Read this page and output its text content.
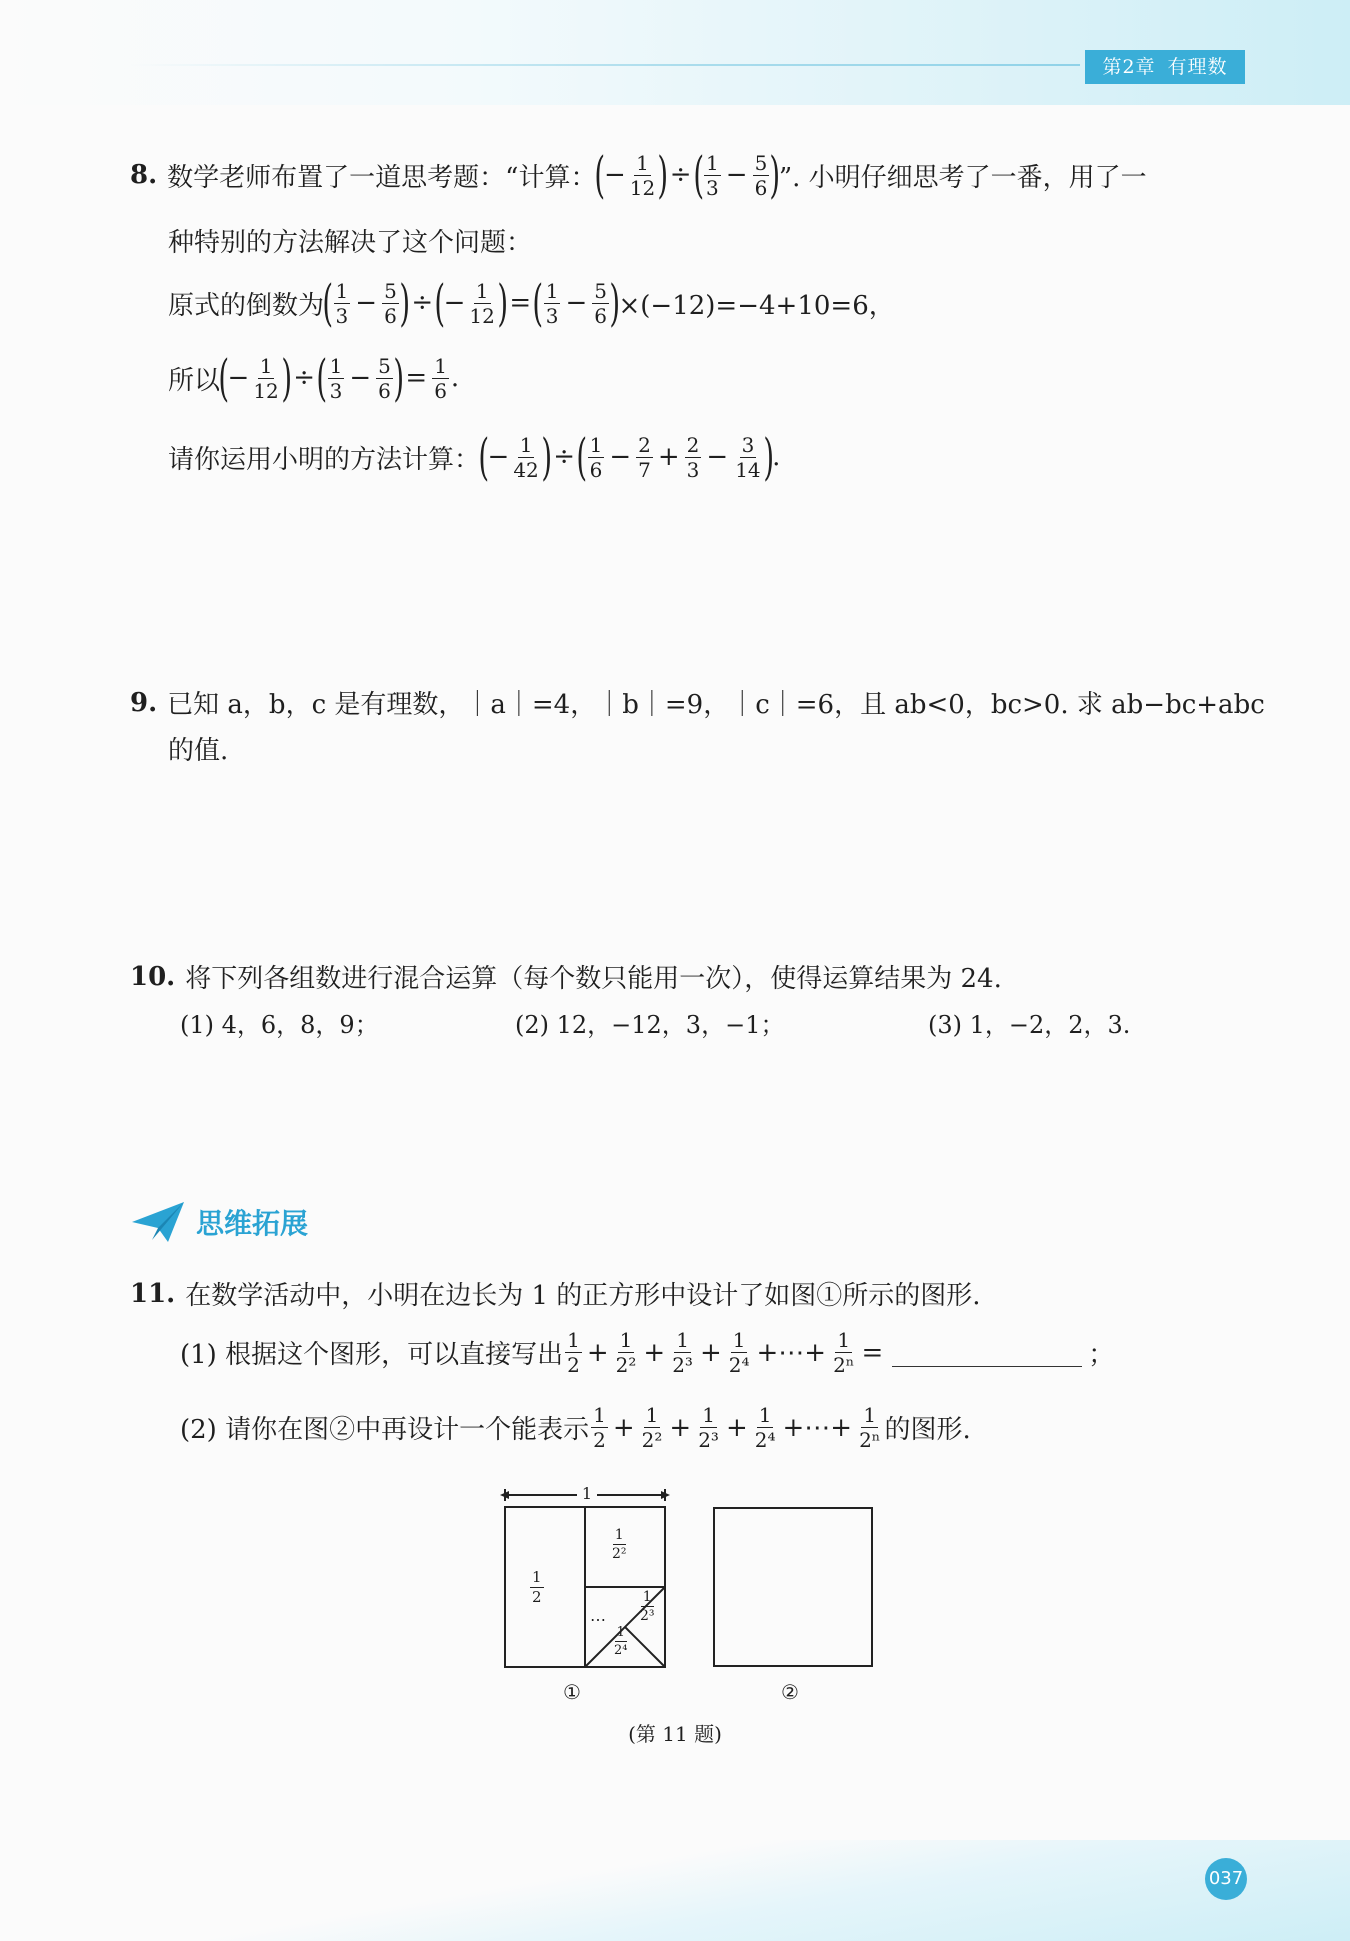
第2章 有理数
037
8. 数学老师布置了一道思考题：“计算：
(
− $\frac{1}{12}$ ) ÷ ( $\frac{1}{3} - \frac{5}{6}$ )
”. 小明仔细思考了一番，用了一
种特别的方法解决了这个问题：
原式的倒数为
( $\frac{1}{3} - \frac{5}{6}$ ) ÷ (
− $\frac{1}{12}$ ) = ( $\frac{1}{3} - \frac{5}{6}$ )
×(−12)=−4+10=6，
所以
(
− $\frac{1}{12}$ ) ÷ ( $\frac{1}{3} - \frac{5}{6}$ ) = $\frac{1}{6}$ .
请你运用小明的方法计算：
(
− $\frac{1}{42}$ ) ÷ ( $\frac{1}{6} - \frac{2}{7} + \frac{2}{3} - \frac{3}{14}$ )
.
9. 已知 a，b，c 是有理数，｜a｜=4，｜b｜=9，｜c｜=6，且 ab<0，bc>0. 求 ab−bc+abc
的值.
10. 将下列各组数进行混合运算（每个数只能用一次），使得运算结果为 24.
(1) 4，6，8，9；	(2) 12，−12，3，−1；	(3) 1，−2，2，3.
思维拓展
11. 在数学活动中，小明在边长为 1 的正方形中设计了如图①所示的图形.
(1) 根据这个图形，可以直接写出 $\frac{1}{2} + \frac{1}{\text{2²}} + \frac{1}{\text{2³}} + \frac{1}{\text{2⁴}}$ +⋯+ $\frac{1}{\text{2ⁿ}}$ =	；
(2) 请你在图②中再设计一个能表示 $\frac{1}{2} + \frac{1}{\text{2²}} + \frac{1}{\text{2³}} + \frac{1}{\text{2⁴}}$ +⋯+ $\frac{1}{\text{2ⁿ}}$ 的图形.
1
$\frac{1}{2}$
$\frac{1}{\text{2²}}$
$\frac{1}{\text{2³}}$
$\frac{1}{\text{2⁴}}$
⋯
①	②
(第 11 题)
